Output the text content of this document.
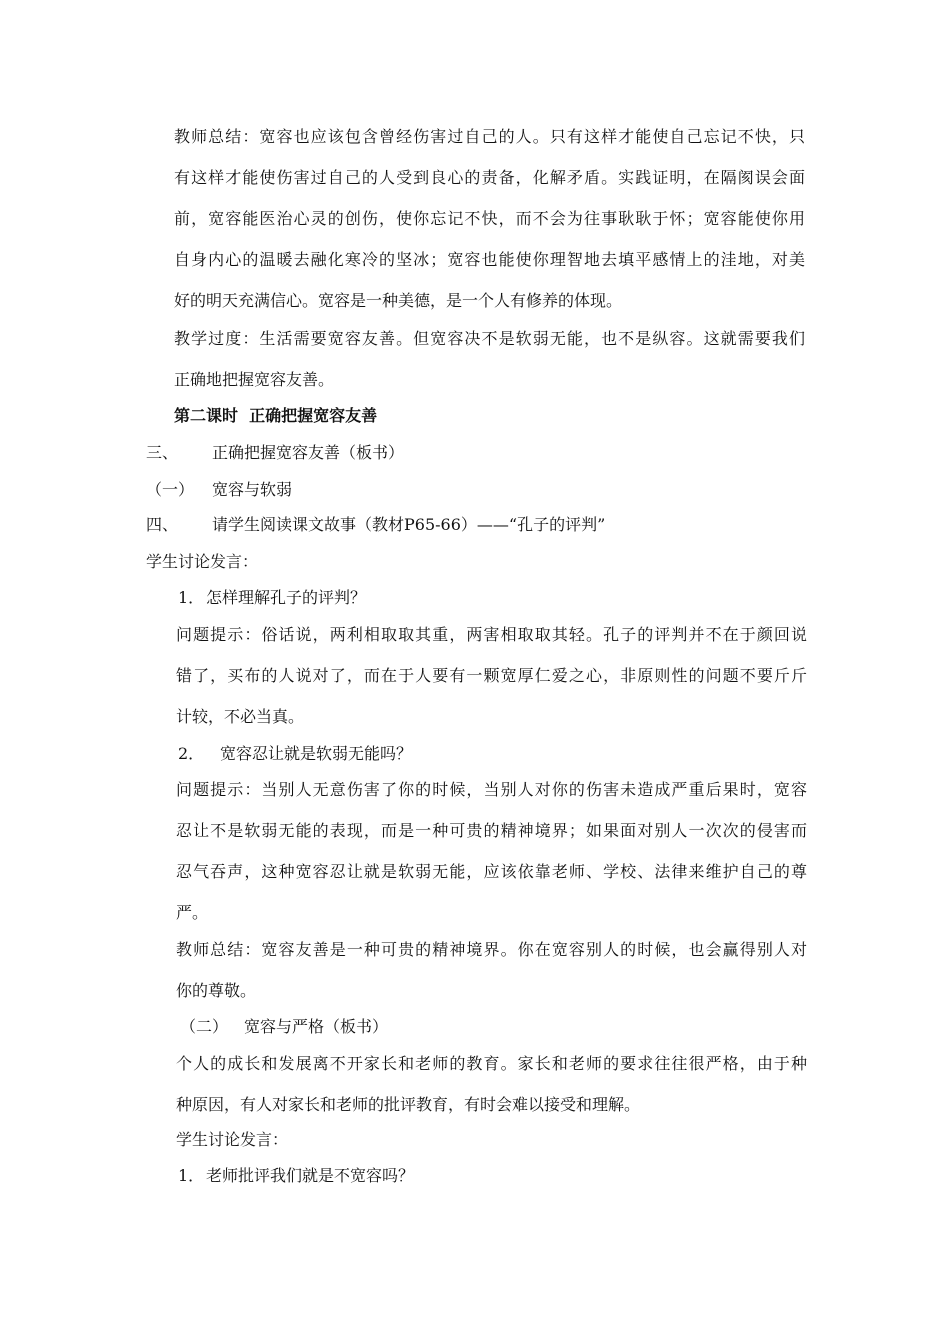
教师总结：宽容也应该包含曾经伤害过自己的人。只有这样才能使自己忘记不快，只
有这样才能使伤害过自己的人受到良心的责备，化解矛盾。实践证明，在隔阂误会面
前，宽容能医治心灵的创伤，使你忘记不快，而不会为往事耿耿于怀；宽容能使你用
自身内心的温暖去融化寒冷的坚冰；宽容也能使你理智地去填平感情上的洼地，对美
好的明天充满信心。宽容是一种美德，是一个人有修养的体现。
教学过度：生活需要宽容友善。但宽容决不是软弱无能，也不是纵容。这就需要我们
正确地把握宽容友善。
第二课时  正确把握宽容友善
三、 正确把握宽容友善（板书）
（一） 宽容与软弱
四、 请学生阅读课文故事（教材P65-66）——“孔子的评判”
学生讨论发言：
1． 怎样理解孔子的评判？
问题提示：俗话说，两利相取取其重，两害相取取其轻。孔子的评判并不在于颜回说
错了，买布的人说对了，而在于人要有一颗宽厚仁爱之心，非原则性的问题不要斤斤
计较，不必当真。
2． 宽容忍让就是软弱无能吗？
问题提示：当别人无意伤害了你的时候，当别人对你的伤害未造成严重后果时，宽容
忍让不是软弱无能的表现，而是一种可贵的精神境界；如果面对别人一次次的侵害而
忍气吞声，这种宽容忍让就是软弱无能，应该依靠老师、学校、法律来维护自己的尊
严。
教师总结：宽容友善是一种可贵的精神境界。你在宽容别人的时候，也会赢得别人对
你的尊敬。
（二） 宽容与严格（板书）
个人的成长和发展离不开家长和老师的教育。家长和老师的要求往往很严格，由于种
种原因，有人对家长和老师的批评教育，有时会难以接受和理解。
学生讨论发言：
1． 老师批评我们就是不宽容吗？
